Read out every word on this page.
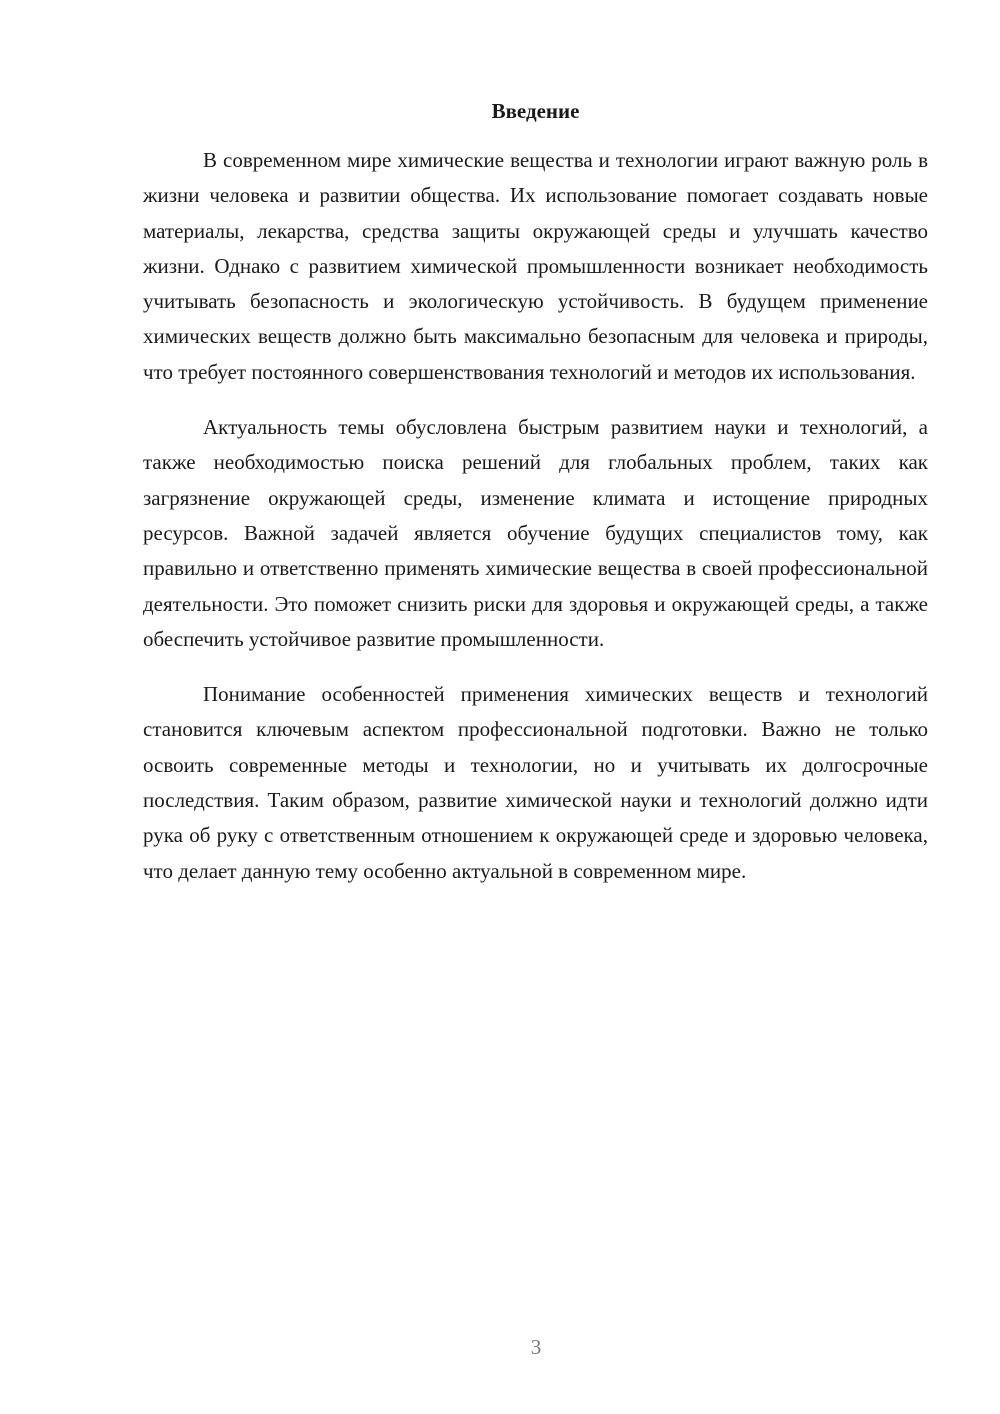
Введение

В современном мире химические вещества и технологии играют важную роль в жизни человека и развитии общества. Их использование помогает создавать новые материалы, лекарства, средства защиты окружающей среды и улучшать качество жизни. Однако с развитием химической промышленности возникает необходимость учитывать безопасность и экологическую устойчивость. В будущем применение химических веществ должно быть максимально безопасным для человека и природы, что требует постоянного совершенствования технологий и методов их использования.

Актуальность темы обусловлена быстрым развитием науки и технологий, а также необходимостью поиска решений для глобальных проблем, таких как загрязнение окружающей среды, изменение климата и истощение природных ресурсов. Важной задачей является обучение будущих специалистов тому, как правильно и ответственно применять химические вещества в своей профессиональной деятельности. Это поможет снизить риски для здоровья и окружающей среды, а также обеспечить устойчивое развитие промышленности.

Понимание особенностей применения химических веществ и технологий становится ключевым аспектом профессиональной подготовки. Важно не только освоить современные методы и технологии, но и учитывать их долгосрочные последствия. Таким образом, развитие химической науки и технологий должно идти рука об руку с ответственным отношением к окружающей среде и здоровью человека, что делает данную тему особенно актуальной в современном мире.

3
